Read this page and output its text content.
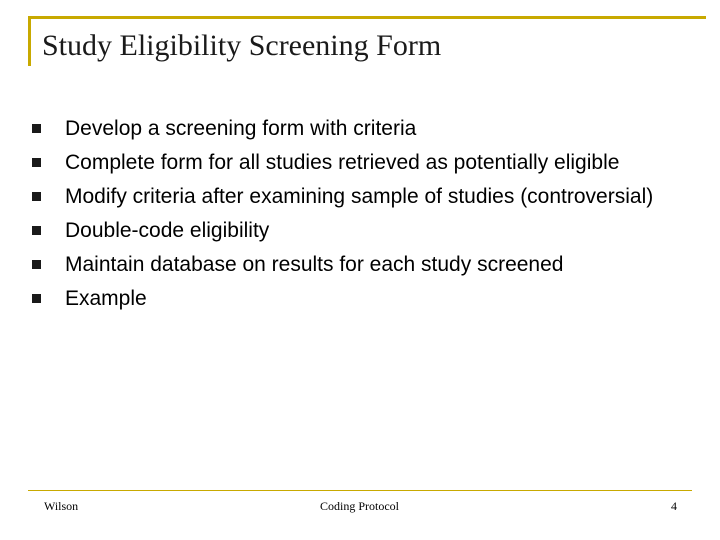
Study Eligibility Screening Form
Develop a screening form with criteria
Complete form for all studies retrieved as potentially eligible
Modify criteria after examining sample of studies (controversial)
Double-code eligibility
Maintain database on results for each study screened
Example
Wilson	Coding Protocol	4
